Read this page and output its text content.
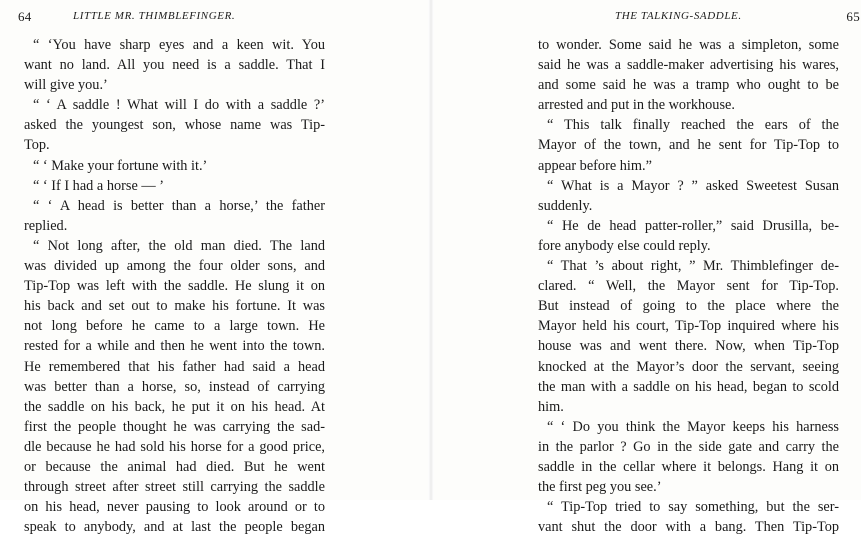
64	LITTLE MR. THIMBLEFINGER.
“ ‘You have sharp eyes and a keen wit. You
want no land. All you need is a saddle. That I
will give you.’
“ ‘ A saddle ! What will I do with a saddle ?’
asked the youngest son, whose name was Tip-
Top.
“ ‘ Make your fortune with it.’
“ ‘ If I had a horse — ’
“ ‘ A head is better than a horse,’ the father
replied.
“ Not long after, the old man died. The land
was divided up among the four older sons, and
Tip-Top was left with the saddle. He slung it on
his back and set out to make his fortune. It was
not long before he came to a large town. He
rested for a while and then he went into the town.
He remembered that his father had said a head
was better than a horse, so, instead of carrying
the saddle on his back, he put it on his head. At
first the people thought he was carrying the sad-
dle because he had sold his horse for a good price,
or because the animal had died. But he went
through street after street still carrying the saddle
on his head, never pausing to look around or to
speak to anybody, and at last the people began
THE TALKING-SADDLE.	65
to wonder. Some said he was a simpleton, some
said he was a saddle-maker advertising his wares,
and some said he was a tramp who ought to be
arrested and put in the workhouse.
“ This talk finally reached the ears of the
Mayor of the town, and he sent for Tip-Top to
appear before him.”
“ What is a Mayor ? ” asked Sweetest Susan
suddenly.
“ He de head patter-roller,” said Drusilla, be-
fore anybody else could reply.
“ That ’s about right, ” Mr. Thimblefinger de-
clared. “ Well, the Mayor sent for Tip-Top.
But instead of going to the place where the
Mayor held his court, Tip-Top inquired where his
house was and went there. Now, when Tip-Top
knocked at the Mayor’s door the servant, seeing
the man with a saddle on his head, began to scold
him.
“ ‘ Do you think the Mayor keeps his harness
in the parlor ? Go in the side gate and carry the
saddle in the cellar where it belongs. Hang it on
the first peg you see.’
“ Tip-Top tried to say something, but the ser-
vant shut the door with a bang. Then Tip-Top
